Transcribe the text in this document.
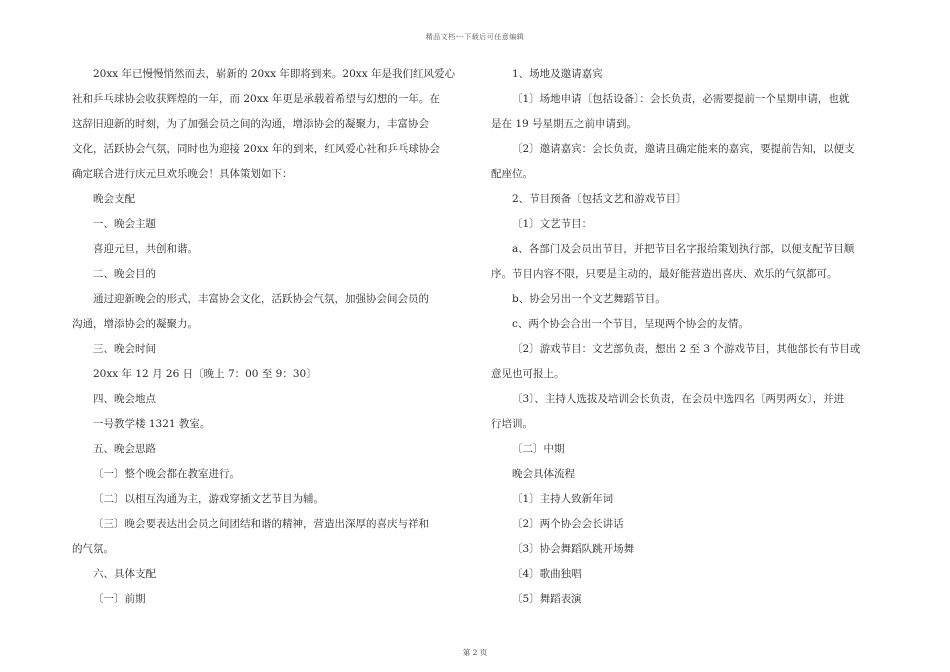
精品文档---下载后可任意编辑
20xx 年已慢慢悄然而去，崭新的 20xx 年即将到来。20xx 年是我们红风爱心
社和乒乓球协会收获辉煌的一年，而 20xx 年更是承载着希望与幻想的一年。在
这辞旧迎新的时刻，为了加强会员之间的沟通，增添协会的凝聚力，丰富协会
文化，活跃协会气氛，同时也为迎接 20xx 年的到来，红风爱心社和乒乓球协会
确定联合进行庆元旦欢乐晚会！具体策划如下：
晚会支配
一、晚会主题
喜迎元旦，共创和谐。
二、晚会目的
通过迎新晚会的形式，丰富协会文化，活跃协会气氛，加强协会间会员的
沟通，增添协会的凝聚力。
三、晚会时间
20xx 年 12 月 26 日〔晚上 7：00 至 9：30〕
四、晚会地点
一号教学楼 1321 教室。
五、晚会思路
〔一〕整个晚会都在教室进行。
〔二〕以相互沟通为主，游戏穿插文艺节目为辅。
〔三〕晚会要表达出会员之间团结和谐的精神，营造出深厚的喜庆与祥和
的气氛。
六、具体支配
〔一〕前期
1、场地及邀请嘉宾
〔1〕场地申请〔包括设备〕：会长负责，必需要提前一个星期申请，也就
是在 19 号星期五之前申请到。
〔2〕邀请嘉宾：会长负责，邀请且确定能来的嘉宾，要提前告知，以便支
配座位。
2、节目预备〔包括文艺和游戏节目〕
〔1〕文艺节目：
a、各部门及会员出节目，并把节目名字报给策划执行部，以便支配节目顺
序。节目内容不限，只要是主动的，最好能营造出喜庆、欢乐的气氛都可。
b、协会另出一个文艺舞蹈节目。
c、两个协会合出一个节目，呈现两个协会的友情。
〔2〕游戏节目：文艺部负责，想出 2 至 3 个游戏节目，其他部长有节目或
意见也可报上。
〔3〕、主持人选拔及培训会长负责，在会员中选四名〔两男两女〕，并进
行培训。
〔二〕中期
晚会具体流程
〔1〕主持人致新年词
〔2〕两个协会会长讲话
〔3〕协会舞蹈队跳开场舞
〔4〕歌曲独唱
〔5〕舞蹈表演
第 2 页
